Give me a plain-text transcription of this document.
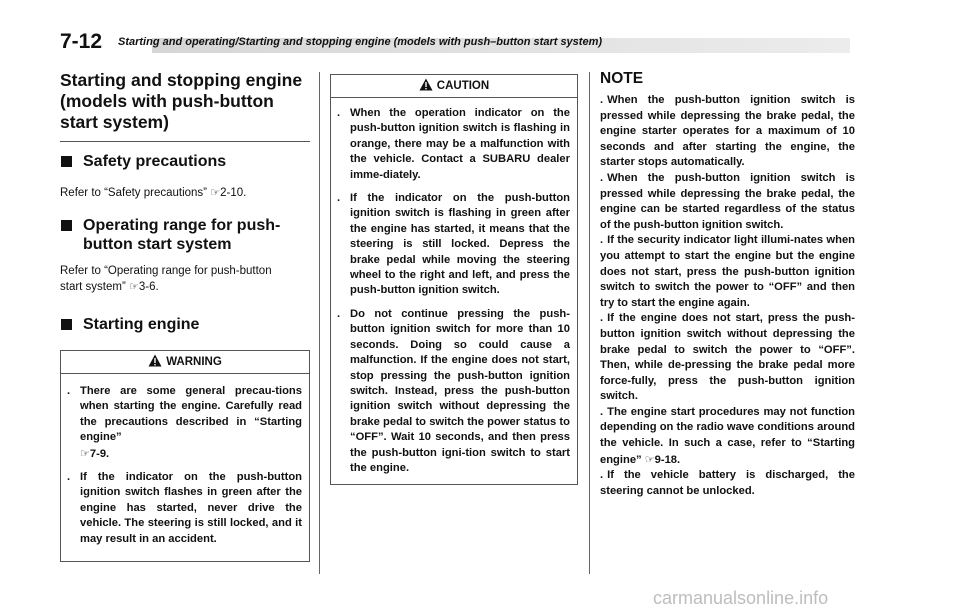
7-12 Starting and operating/Starting and stopping engine (models with push–button start system)
Starting and stopping engine
(models with push-button
start system)
Safety precautions

Refer to “Safety precautions” ☞2-10.

Operating range for push-
button start system

Refer to “Operating range for push-button
start system” ☞3-6.

Starting engine
WARNING
. There are some general precau-tions when starting the engine. Carefully read the precautions described in “Starting engine”
☞7-9.
. If the indicator on the push-button ignition switch flashes in green after the engine has started, never drive the vehicle. The steering is still locked, and it may result in an accident.
CAUTION
. When the operation indicator on the push-button ignition switch is flashing in orange, there may be a malfunction with the vehicle. Contact a SUBARU dealer imme-diately.
. If the indicator on the push-button ignition switch is flashing in green after the engine has started, it means that the steering is still locked. Depress the brake pedal while moving the steering wheel to the right and left, and press the push-button ignition switch.
. Do not continue pressing the push-button ignition switch for more than 10 seconds. Doing so could cause a malfunction. If the engine does not start, stop pressing the push-button ignition switch. Instead, press the push-button ignition switch without depressing the brake pedal to switch the power status to “OFF”. Wait 10 seconds, and then press the push-button igni-tion switch to start the engine.
NOTE
. When the push-button ignition switch is pressed while depressing the brake pedal, the engine starter operates for a maximum of 10 seconds and after starting the engine, the starter stops automatically.
. When the push-button ignition switch is pressed while depressing the brake pedal, the engine can be started regardless of the status of the push-button ignition switch.
. If the security indicator light illumi-nates when you attempt to start the engine but the engine does not start, press the push-button ignition switch to switch the power to “OFF” and then try to start the engine again.
. If the engine does not start, press the push-button ignition switch without depressing the brake pedal to switch the power to “OFF”. Then, while de-pressing the brake pedal more force-fully, press the push-button ignition switch.
. The engine start procedures may not function depending on the radio wave conditions around the vehicle. In such a case, refer to “Starting engine” ☞9-18.
. If the vehicle battery is discharged, the steering cannot be unlocked.
carmanualsonline.info
